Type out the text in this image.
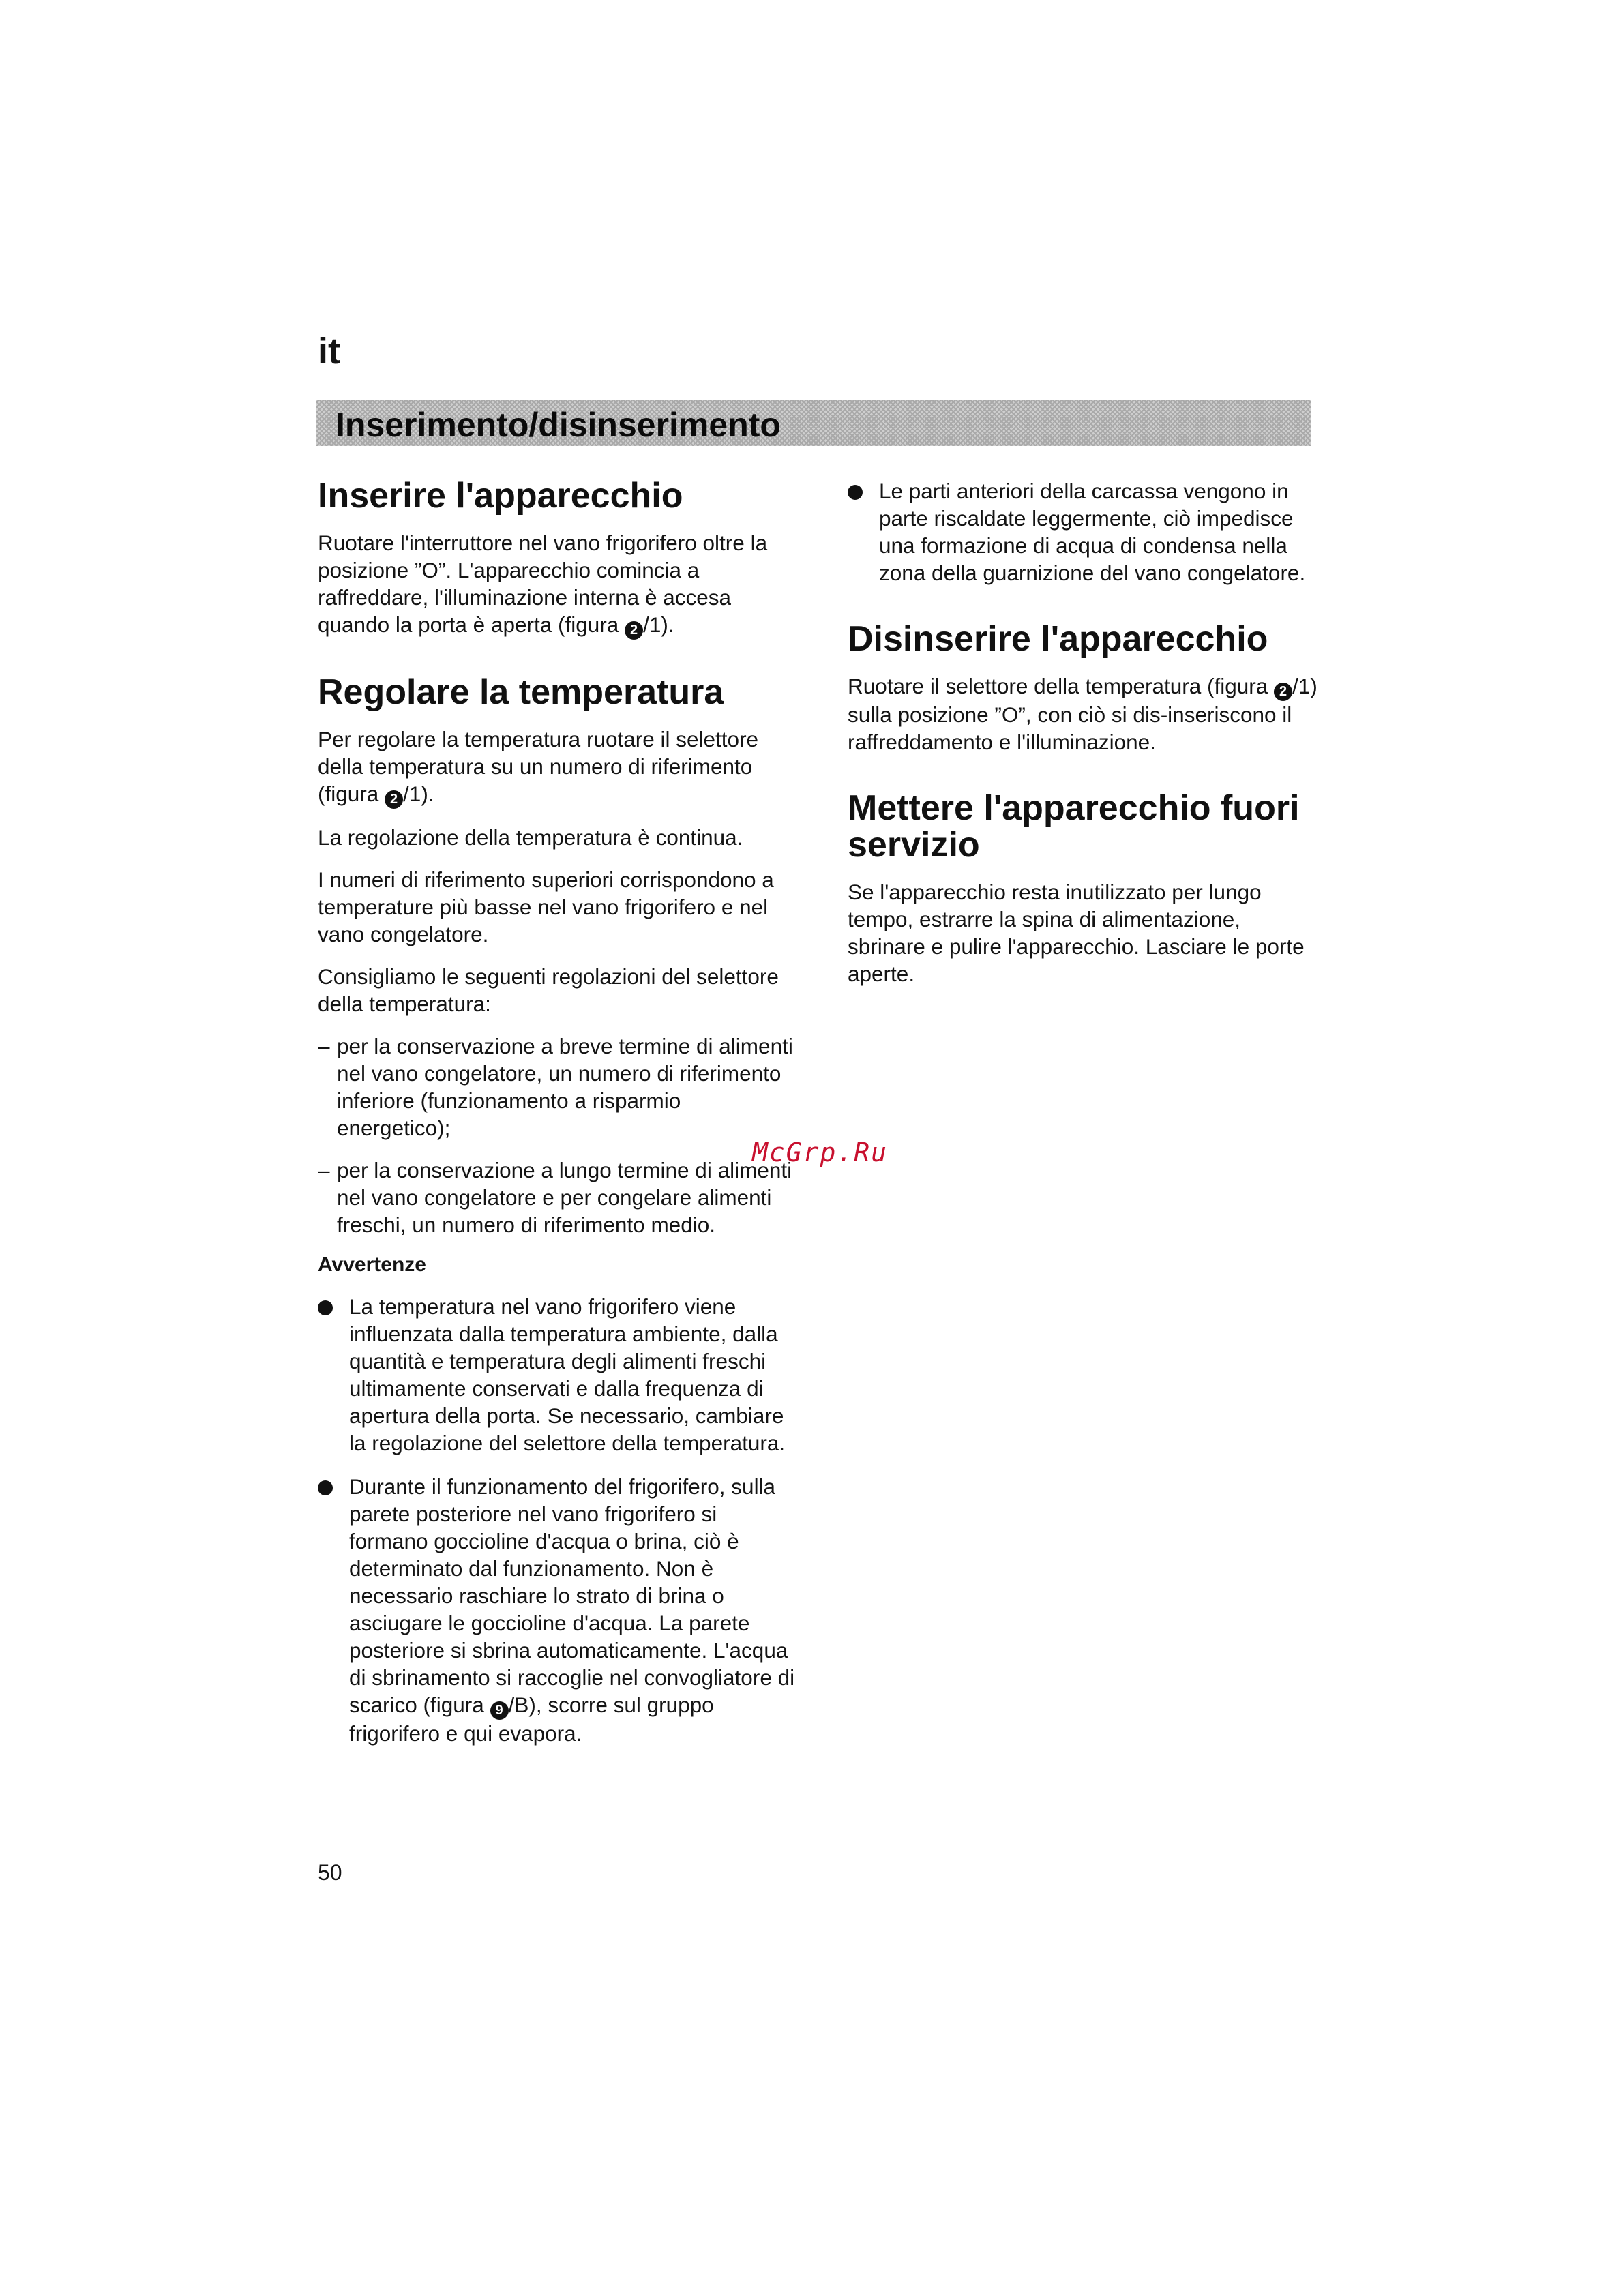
it
Inserimento/disinserimento
Inserire l'apparecchio

Ruotare l'interruttore nel vano frigorifero oltre la posizione ”O”. L'apparecchio comincia a raffreddare, l'illuminazione interna è accesa quando la porta è aperta (figura 2 /1).

Regolare la temperatura

Per regolare la temperatura ruotare il selettore della temperatura su un numero di riferimento (figura 2 /1).

La regolazione della temperatura è continua.

I numeri di riferimento superiori corrispondono a temperature più basse nel vano frigorifero e nel vano congelatore.

Consigliamo le seguenti regolazioni del selettore della temperatura:

– per la conservazione a breve termine di alimenti nel vano congelatore, un numero di riferimento inferiore (funzionamento a risparmio energetico);
– per la conservazione a lungo termine di alimenti nel vano congelatore e per congelare alimenti freschi, un numero di riferimento medio.
Avvertenze
La temperatura nel vano frigorifero viene influenzata dalla temperatura ambiente, dalla quantità e temperatura degli alimenti freschi ultimamente conservati e dalla frequenza di apertura della porta. Se necessario, cambiare la regolazione del selettore della temperatura.
Durante il funzionamento del frigorifero, sulla parete posteriore nel vano frigorifero si formano goccioline d'acqua o brina, ciò è determinato dal funzionamento. Non è necessario raschiare lo strato di brina o asciugare le goccioline d'acqua. La parete posteriore si sbrina automaticamente. L'acqua di sbrinamento si raccoglie nel convogliatore di scarico (figura 9 /B), scorre sul gruppo frigorifero e qui evapora.
Le parti anteriori della carcassa vengono in parte riscaldate leggermente, ciò impedisce una formazione di acqua di condensa nella zona della guarnizione del vano congelatore.
Disinserire l'apparecchio

Ruotare il selettore della temperatura (figura 2 /1) sulla posizione ”O”, con ciò si dis-inseriscono il raffreddamento e l'illuminazione.

Mettere l'apparecchio fuori servizio

Se l'apparecchio resta inutilizzato per lungo tempo, estrarre la spina di alimentazione, sbrinare e pulire l'apparecchio. Lasciare le porte aperte.

McGrp.Ru
50
